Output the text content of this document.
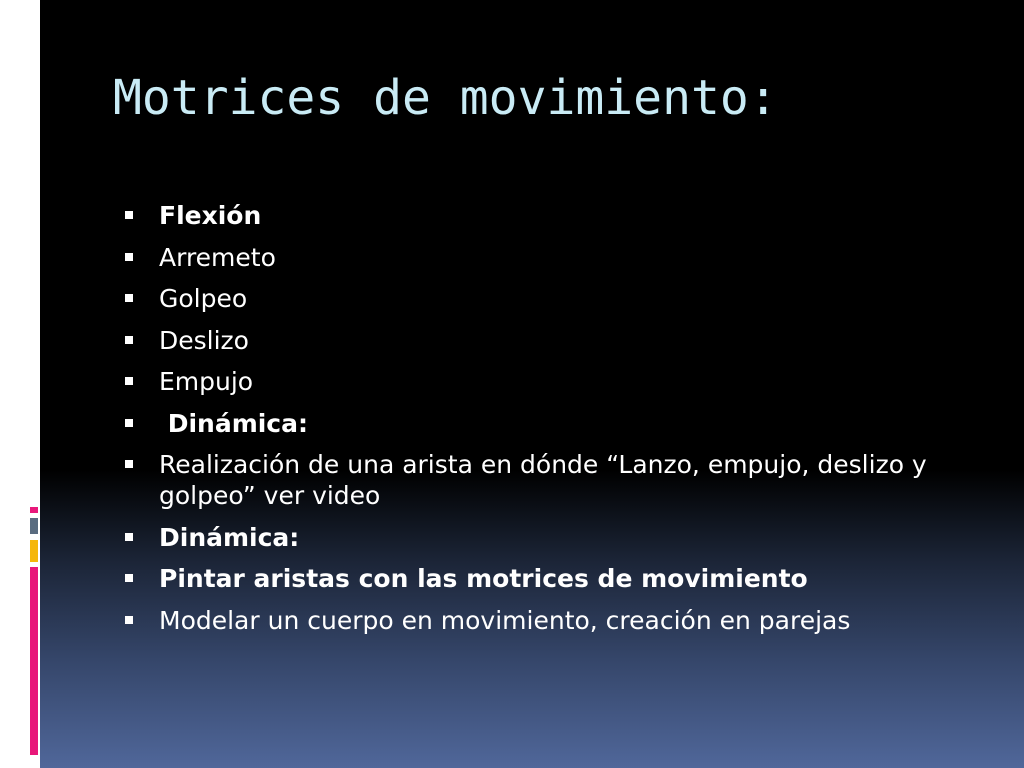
Motrices de movimiento:
Flexión
Arremeto
Golpeo
Deslizo
Empujo
Dinámica:
Realización de una arista en dónde “Lanzo, empujo, deslizo y golpeo” ver video
Dinámica:
Pintar aristas con las motrices de movimiento
Modelar un cuerpo en movimiento, creación en parejas
